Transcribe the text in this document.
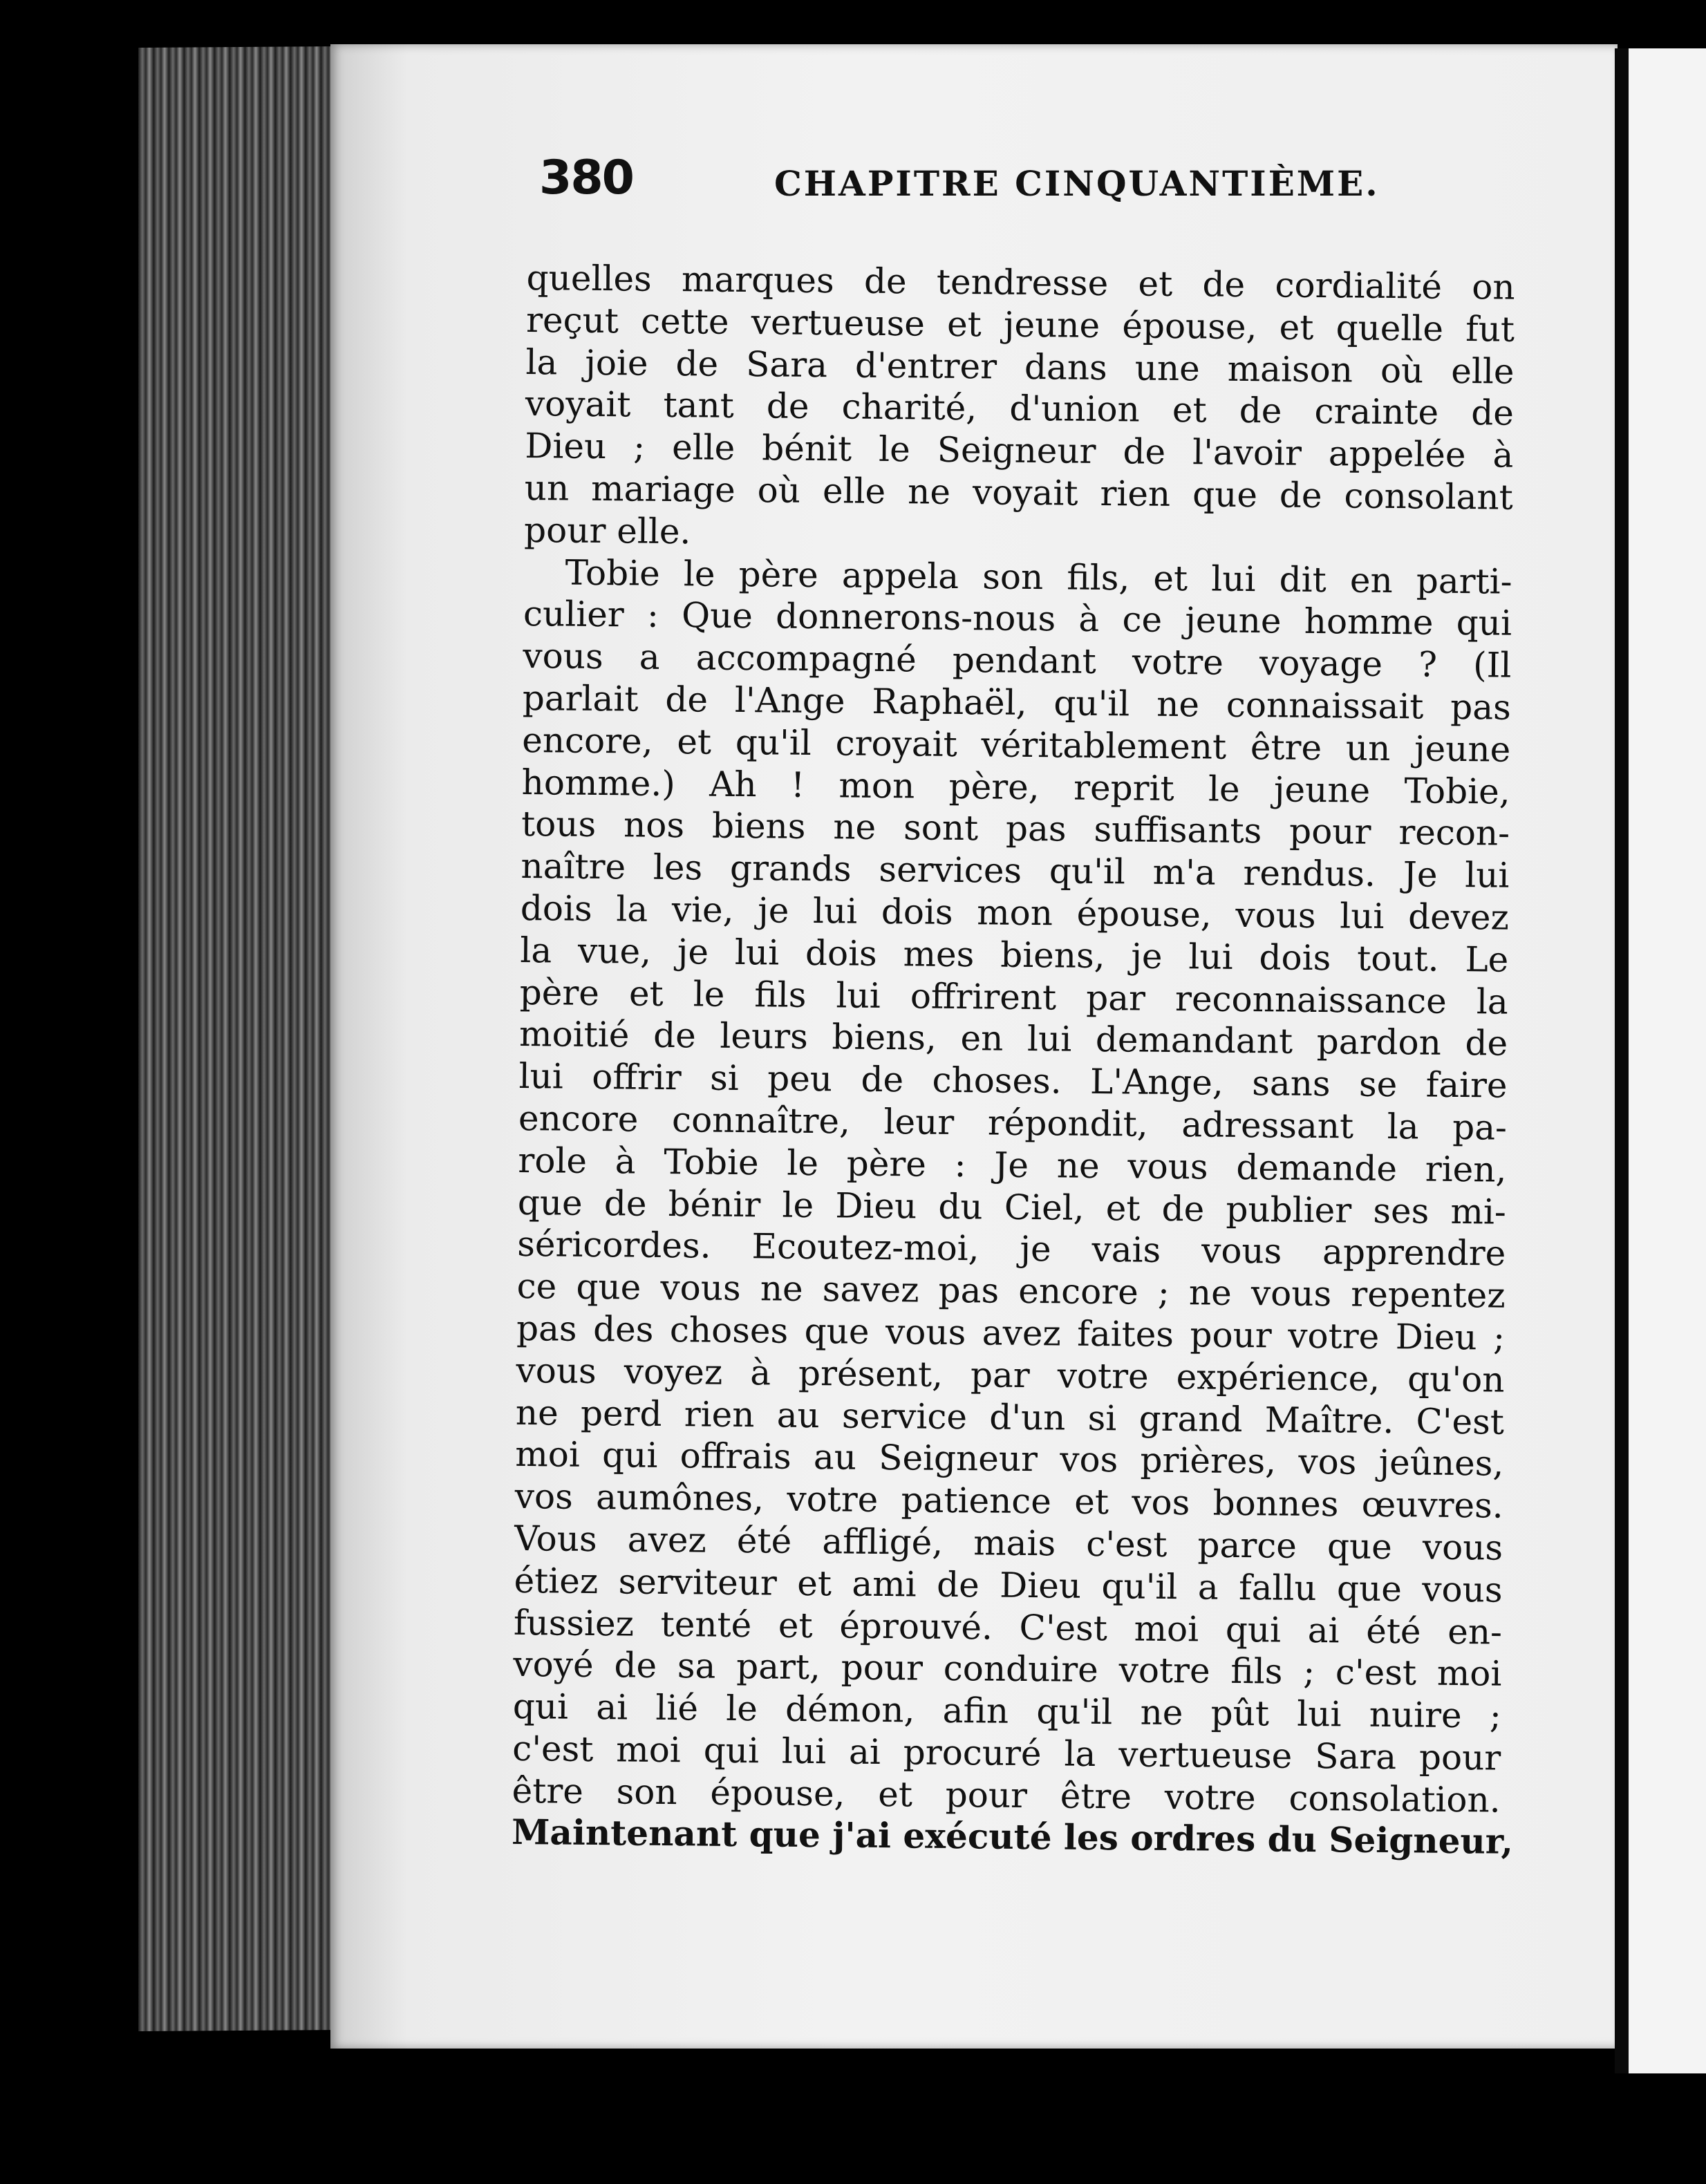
380	CHAPITRE CINQUANTIÈME.
quelles marques de tendresse et de cordialité on
reçut cette vertueuse et jeune épouse, et quelle fut
la joie de Sara d'entrer dans une maison où elle
voyait tant de charité, d'union et de crainte de
Dieu ; elle bénit le Seigneur de l'avoir appelée à
un mariage où elle ne voyait rien que de consolant
pour elle.
Tobie le père appela son fils, et lui dit en parti-
culier : Que donnerons-nous à ce jeune homme qui
vous a accompagné pendant votre voyage ? (Il
parlait de l'Ange Raphaël, qu'il ne connaissait pas
encore, et qu'il croyait véritablement être un jeune
homme.) Ah ! mon père, reprit le jeune Tobie,
tous nos biens ne sont pas suffisants pour recon-
naître les grands services qu'il m'a rendus. Je lui
dois la vie, je lui dois mon épouse, vous lui devez
la vue, je lui dois mes biens, je lui dois tout. Le
père et le fils lui offrirent par reconnaissance la
moitié de leurs biens, en lui demandant pardon de
lui offrir si peu de choses. L'Ange, sans se faire
encore connaître, leur répondit, adressant la pa-
role à Tobie le père : Je ne vous demande rien,
que de bénir le Dieu du Ciel, et de publier ses mi-
séricordes. Ecoutez-moi, je vais vous apprendre
ce que vous ne savez pas encore ; ne vous repentez
pas des choses que vous avez faites pour votre Dieu ;
vous voyez à présent, par votre expérience, qu'on
ne perd rien au service d'un si grand Maître. C'est
moi qui offrais au Seigneur vos prières, vos jeûnes,
vos aumônes, votre patience et vos bonnes œuvres.
Vous avez été affligé, mais c'est parce que vous
étiez serviteur et ami de Dieu qu'il a fallu que vous
fussiez tenté et éprouvé. C'est moi qui ai été en-
voyé de sa part, pour conduire votre fils ; c'est moi
qui ai lié le démon, afin qu'il ne pût lui nuire ;
c'est moi qui lui ai procuré la vertueuse Sara pour
être son épouse, et pour être votre consolation.
Maintenant que j'ai exécuté les ordres du Seigneur,
